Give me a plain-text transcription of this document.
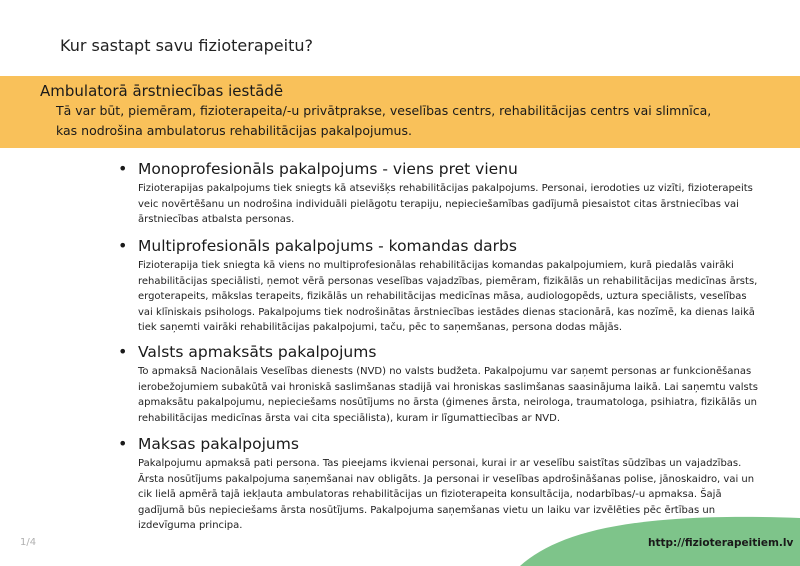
Kur sastapt savu fizioterapeitu?
Ambulatorā ārstniecības iestādē
Tā var būt, piemēram, fizioterapeita/-u privātprakse, veselības centrs, rehabilitācijas centrs vai slimnīca,
kas nodrošina ambulatorus rehabilitācijas pakalpojumus.
• Monoprofesionāls pakalpojums - viens pret vienu
Fizioterapijas pakalpojums tiek sniegts kā atsevišķs rehabilitācijas pakalpojums. Personai, ierodoties uz vizīti, fizioterapeits veic novērtēšanu un nodrošina individuāli pielāgotu terapiju, nepieciešamības gadījumā piesaistot citas ārstniecības vai ārstniecības atbalsta personas.
• Multiprofesionāls pakalpojums - komandas darbs
Fizioterapija tiek sniegta kā viens no multiprofesionālas rehabilitācijas komandas pakalpojumiem, kurā piedalās vairāki rehabilitācijas speciālisti, ņemot vērā personas veselības vajadzības, piemēram, fizikālās un rehabilitācijas medicīnas ārsts, ergoterapeits, mākslas terapeits, fizikālās un rehabilitācijas medicīnas māsa, audiologopēds, uztura speciālists, veselības vai klīniskais psihologs. Pakalpojums tiek nodrošinātas ārstniecības iestādes dienas stacionārā, kas nozīmē, ka dienas laikā tiek saņemti vairāki rehabilitācijas pakalpojumi, taču, pēc to saņemšanas, persona dodas mājās.
• Valsts apmaksāts pakalpojums
To apmaksā Nacionālais Veselības dienests (NVD) no valsts budžeta. Pakalpojumu var saņemt personas ar funkcionēšanas ierobežojumiem subakūtā vai hroniskā saslimšanas stadijā vai hroniskas saslimšanas saasinājuma laikā. Lai saņemtu valsts apmaksātu pakalpojumu, nepieciešams nosūtījums no ārsta (ģimenes ārsta, neirologa, traumatologa, psihiatra, fizikālās un rehabilitācijas medicīnas ārsta vai cita speciālista), kuram ir līgumattiecības ar NVD.
• Maksas pakalpojums
Pakalpojumu apmaksā pati persona. Tas pieejams ikvienai personai, kurai ir ar veselību saistītas sūdzības un vajadzības. Ārsta nosūtījums pakalpojuma saņemšanai nav obligāts. Ja personai ir veselības apdrošināšanas polise, jānoskaidro, vai un cik lielā apmērā tajā iekļauta ambulatoras rehabilitācijas un fizioterapeita konsultācija, nodarbības/-u apmaksa. Šajā gadījumā būs nepieciešams ārsta nosūtījums. Pakalpojuma saņemšanas vietu un laiku var izvēlēties pēc ērtības un izdevīguma principa.
1/4	http://fizioterapeitiem.lv
